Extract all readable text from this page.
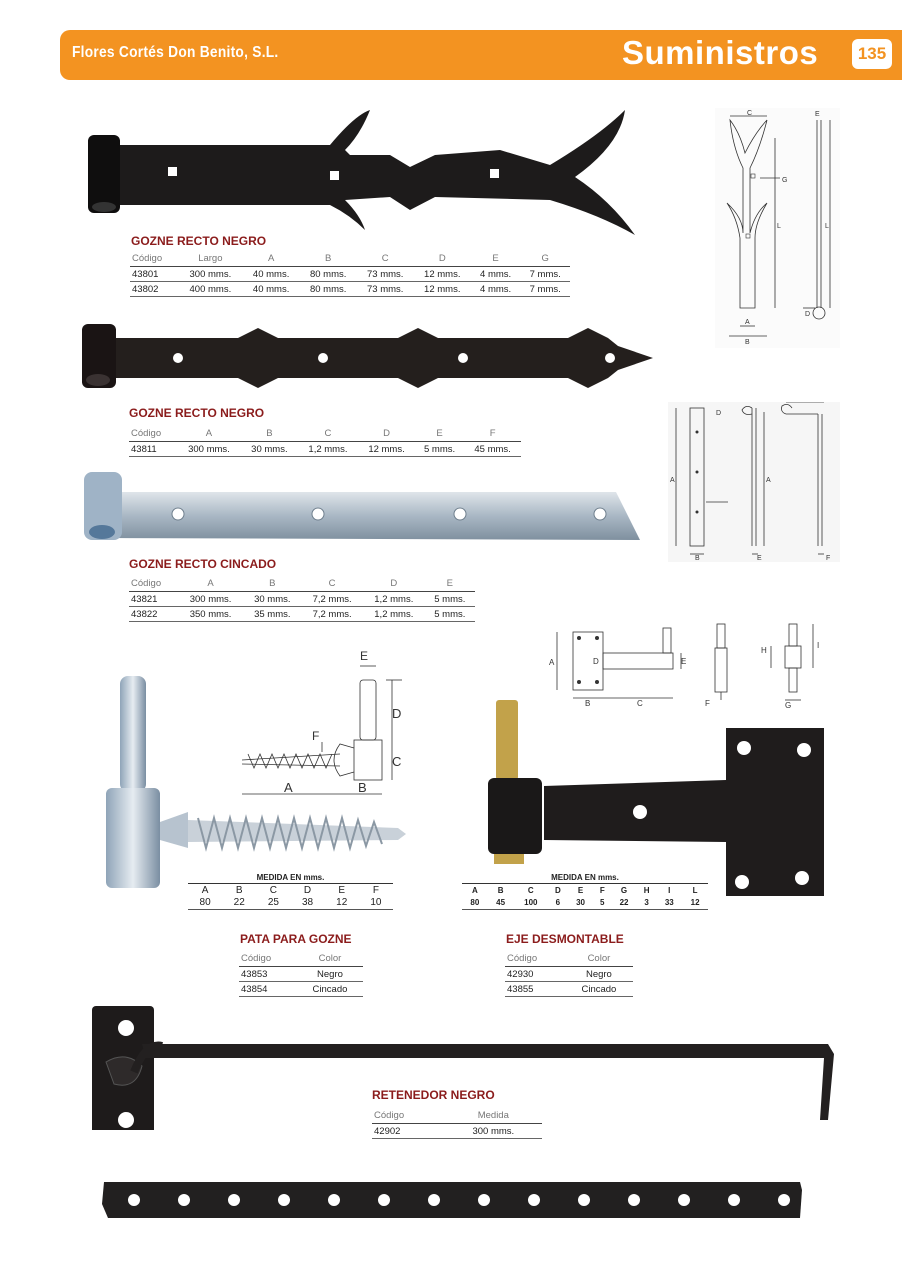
Flores Cortés Don Benito, S.L.	Suministros	135
GOZNE RECTO NEGRO
Código	Largo	A	B	C	D	E	G
43801	300 mms.	40 mms.	80 mms.	73 mms.	12 mms.	4 mms.	7 mms.
43802	400 mms.	40 mms.	80 mms.	73 mms.	12 mms.	4 mms.	7 mms.
C	E
G
L	L
D
A
B
GOZNE RECTO NEGRO
Código	A	B	C	D	E	F
43811	300 mms.	30 mms.	1,2 mms.	12 mms.	5 mms.	45 mms.
D
A	A
B	E	F
GOZNE RECTO CINCADO
Código	A	B	C	D	E
43821	300 mms.	30 mms.	7,2 mms.	1,2 mms.	5 mms.
43822	350 mms.	35 mms.	7,2 mms.	1,2 mms.	5 mms.
A	D	E
B	C	F	G
H
I
E
D
F
C
A	B
MEDIDA EN mms.					
A	B	C	D	E	F
80	22	25	38	12	10
PATA PARA GOZNE
Código	Color
43853	Negro
43854	Cincado
MEDIDA EN mms.									
A	B	C	D	E	F	G	H	I	L
80	45	100	6	30	5	22	3	33	12
EJE DESMONTABLE
Código	Color
42930	Negro
43855	Cincado
RETENEDOR NEGRO
Código	Medida
42902	300 mms.
